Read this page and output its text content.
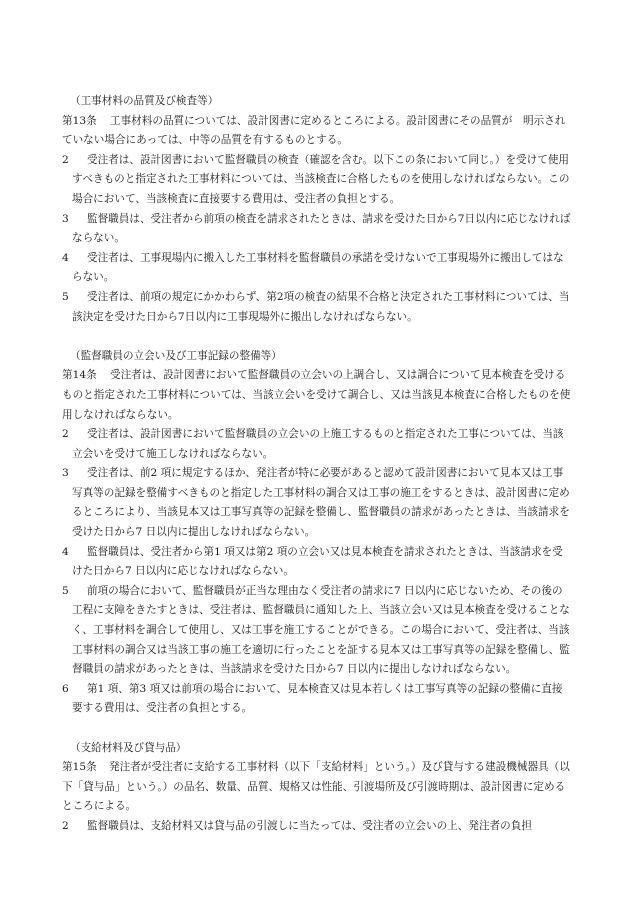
（工事材料の品質及び検査等）
第13条 工事材料の品質については、設計図書に定めるところによる。設計図書にその品質が　明示されていない場合にあっては、中等の品質を有するものとする。
2	受注者は、設計図書において監督職員の検査（確認を含む。以下この条において同じ。）を受けて使用すべきものと指定された工事材料については、当該検査に合格したものを使用しなければならない。この場合において、当該検査に直接要する費用は、受注者の負担とする。
3	監督職員は、受注者から前項の検査を請求されたときは、請求を受けた日から7日以内に応じなければならない。
4	受注者は、工事現場内に搬入した工事材料を監督職員の承諾を受けないで工事現場外に搬出してはならない。
5	受注者は、前項の規定にかかわらず、第2項の検査の結果不合格と決定された工事材料については、当該決定を受けた日から7日以内に工事現場外に搬出しなければならない。
（監督職員の立会い及び工事記録の整備等）
第14条 受注者は、設計図書において監督職員の立会いの上調合し、又は調合について見本検査を受けるものと指定された工事材料については、当該立会いを受けて調合し、又は当該見本検査に合格したものを使用しなければならない。
2	受注者は、設計図書において監督職員の立会いの上施工するものと指定された工事については、当該立会いを受けて施工しなければならない。
3	受注者は、前2 項に規定するほか、発注者が特に必要があると認めて設計図書において見本又は工事写真等の記録を整備すべきものと指定した工事材料の調合又は工事の施工をするときは、設計図書に定めるところにより、当該見本又は工事写真等の記録を整備し、監督職員の請求があったときは、当該請求を受けた日から7 日以内に提出しなければならない。
4	監督職員は、受注者から第1 項又は第2 項の立会い又は見本検査を請求されたときは、当該請求を受けた日から7 日以内に応じなければならない。
5	前項の場合において、監督職員が正当な理由なく受注者の請求に7 日以内に応じないため、その後の工程に支障をきたすときは、受注者は、監督職員に通知した上、当該立会い又は見本検査を受けることなく、工事材料を調合して使用し、又は工事を施工することができる。この場合において、受注者は、当該工事材料の調合又は当該工事の施工を適切に行ったことを証する見本又は工事写真等の記録を整備し、監督職員の請求があったときは、当該請求を受けた日から7 日以内に提出しなければならない。
6	第1 項、第3 項又は前項の場合において、見本検査又は見本若しくは工事写真等の記録の整備に直接要する費用は、受注者の負担とする。
（支給材料及び貸与品）
第15条 発注者が受注者に支給する工事材料（以下「支給材料」という。）及び貸与する建設機械器具（以下「貸与品」という。）の品名、数量、品質、規格又は性能、引渡場所及び引渡時期は、設計図書に定めるところによる。
2	監督職員は、支給材料又は貸与品の引渡しに当たっては、受注者の立会いの上、発注者の負担
